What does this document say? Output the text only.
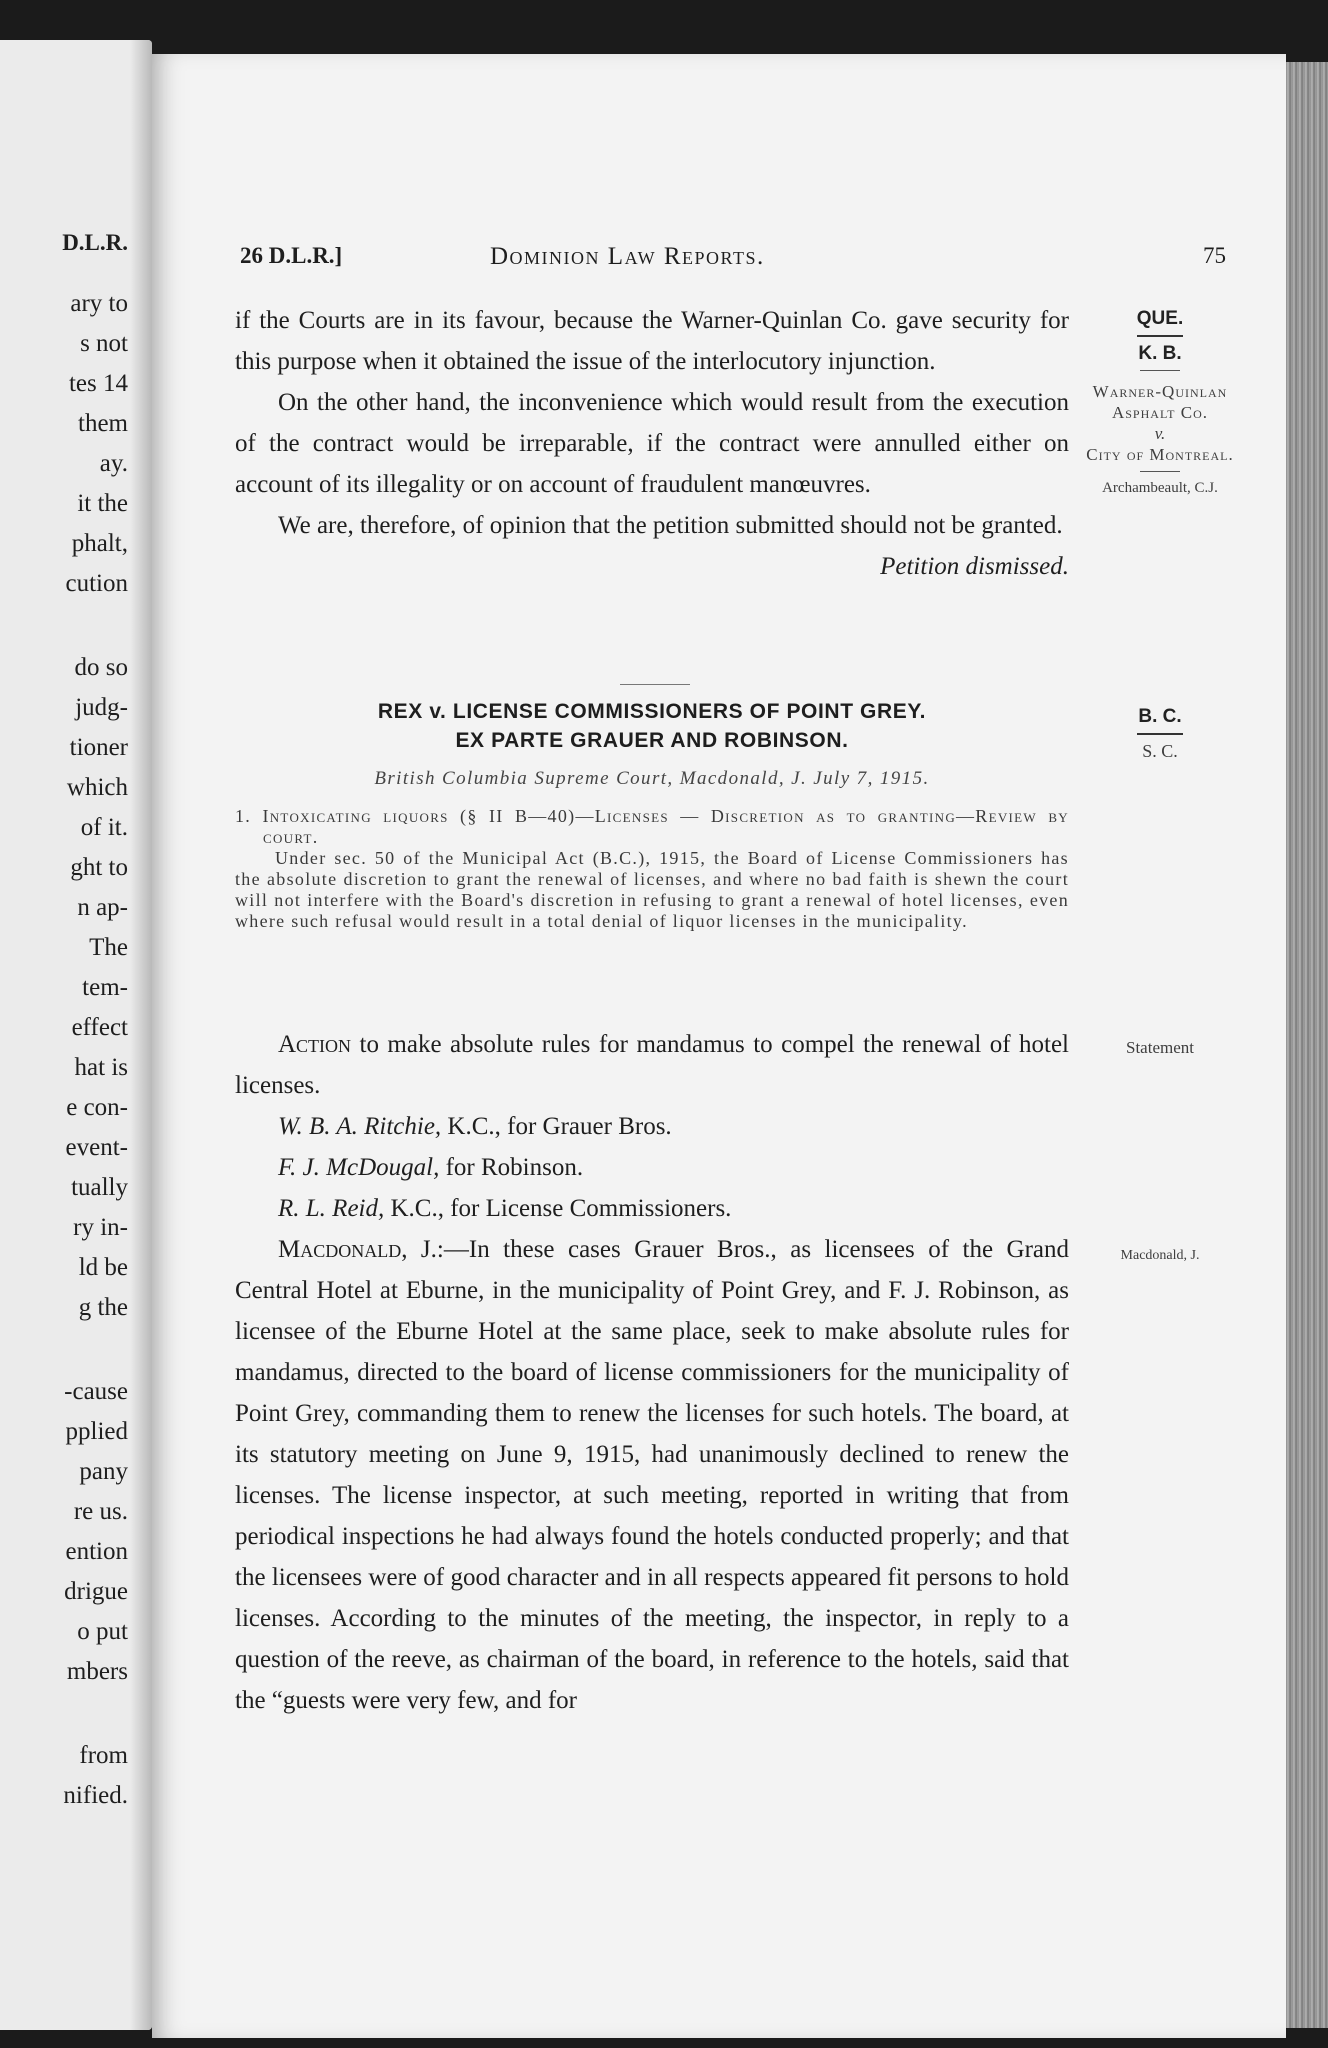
D.L.R.
ary to
s not
tes 14
them
ay.
it the
phalt,
cution
do so
judg-
tioner
which
of it.
ght to
n ap-
The
tem-
effect
hat is
e con-
event-
tually
ry in-
ld be
g the
-cause
pplied
pany
re us.
ention
drigue
o put
mbers
from
nified.
26 D.L.R.]	Dominion Law Reports.	75

if the Courts are in its favour, because the Warner-Quinlan Co. gave security for this purpose when it obtained the issue of the interlocutory injunction.

On the other hand, the inconvenience which would result from the execution of the contract would be irreparable, if the contract were annulled either on account of its illegality or on account of fraudulent manœuvres.

We are, therefore, of opinion that the petition submitted should not be granted.
Petition dismissed.

REX v. LICENSE COMMISSIONERS OF POINT GREY.
EX PARTE GRAUER AND ROBINSON.
British Columbia Supreme Court, Macdonald, J. July 7, 1915.

1. Intoxicating liquors (§ II B—40)—Licenses — Discretion as to granting—Review by court.

Under sec. 50 of the Municipal Act (B.C.), 1915, the Board of License Commissioners has the absolute discretion to grant the renewal of licenses, and where no bad faith is shewn the court will not interfere with the Board's discretion in refusing to grant a renewal of hotel licenses, even where such refusal would result in a total denial of liquor licenses in the municipality.

Action to make absolute rules for mandamus to compel the renewal of hotel licenses.

W. B. A. Ritchie, K.C., for Grauer Bros.

F. J. McDougal, for Robinson.

R. L. Reid, K.C., for License Commissioners.

Macdonald, J.:—In these cases Grauer Bros., as licensees of the Grand Central Hotel at Eburne, in the municipality of Point Grey, and F. J. Robinson, as licensee of the Eburne Hotel at the same place, seek to make absolute rules for mandamus, directed to the board of license commissioners for the municipality of Point Grey, commanding them to renew the licenses for such hotels. The board, at its statutory meeting on June 9, 1915, had unanimously declined to renew the licenses. The license inspector, at such meeting, reported in writing that from periodical inspections he had always found the hotels conducted properly; and that the licensees were of good character and in all respects appeared fit persons to hold licenses. According to the minutes of the meeting, the inspector, in reply to a question of the reeve, as chairman of the board, in reference to the hotels, said that the “guests were very few, and for

QUE.
K. B.
Warner-Quinlan Asphalt Co.
v.
City of Montreal.
Archambeault, C.J.
B. C.
S. C.
Statement
Macdonald, J.
